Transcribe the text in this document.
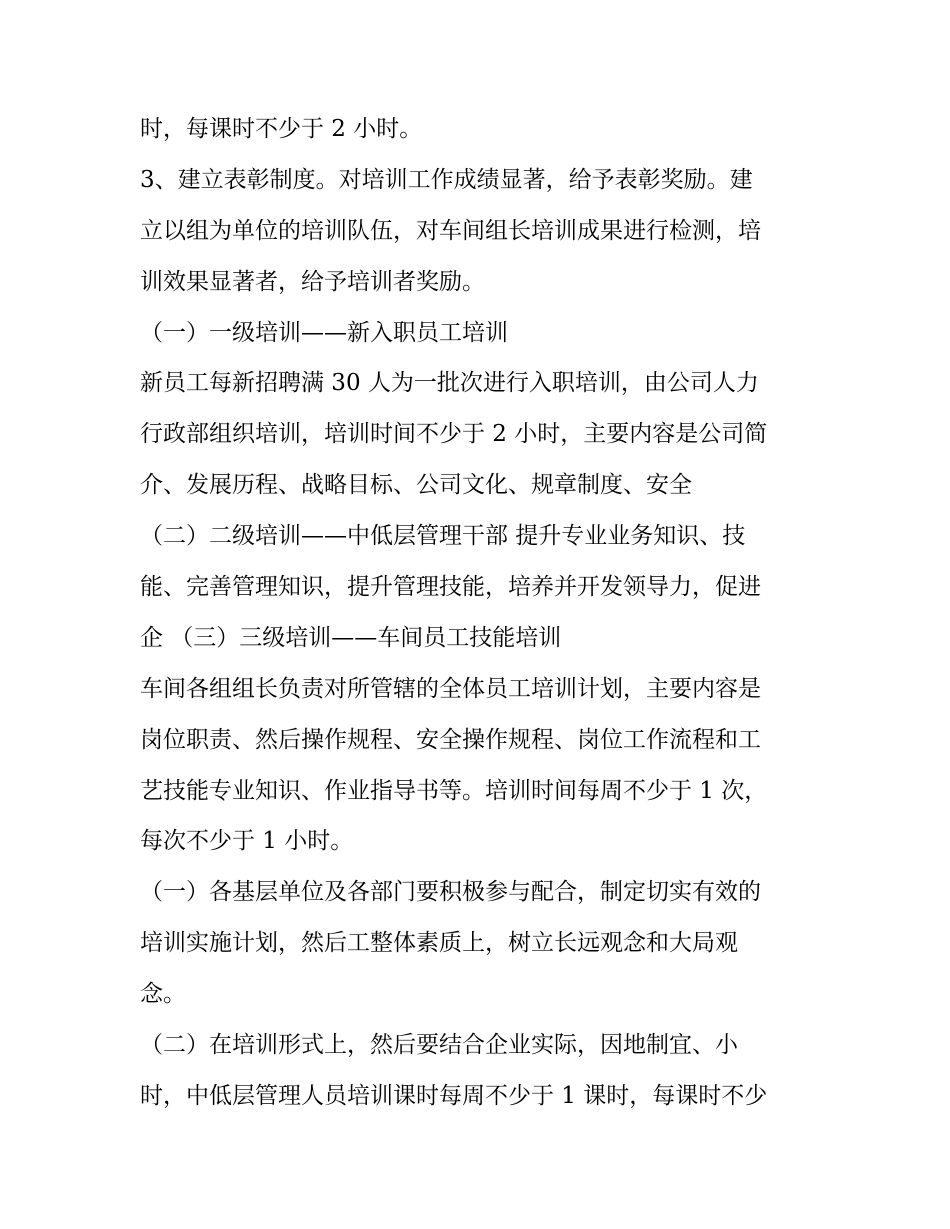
时，每课时不少于 2 小时。
3、建立表彰制度。对培训工作成绩显著，给予表彰奖励。建
立以组为单位的培训队伍，对车间组长培训成果进行检测，培
训效果显著者，给予培训者奖励。
（一）一级培训——新入职员工培训
新员工每新招聘满 30 人为一批次进行入职培训，由公司人力
行政部组织培训，培训时间不少于 2 小时，主要内容是公司简
介、发展历程、战略目标、公司文化、规章制度、安全
（二）二级培训——中低层管理干部 提升专业业务知识、技
能、完善管理知识，提升管理技能，培养并开发领导力，促进
企 （三）三级培训——车间员工技能培训
车间各组组长负责对所管辖的全体员工培训计划，主要内容是
岗位职责、然后操作规程、安全操作规程、岗位工作流程和工
艺技能专业知识、作业指导书等。培训时间每周不少于 1 次，
每次不少于 1 小时。
（一）各基层单位及各部门要积极参与配合，制定切实有效的
培训实施计划，然后工整体素质上，树立长远观念和大局观
念。
（二）在培训形式上，然后要结合企业实际，因地制宜、小
时，中低层管理人员培训课时每周不少于 1 课时，每课时不少
